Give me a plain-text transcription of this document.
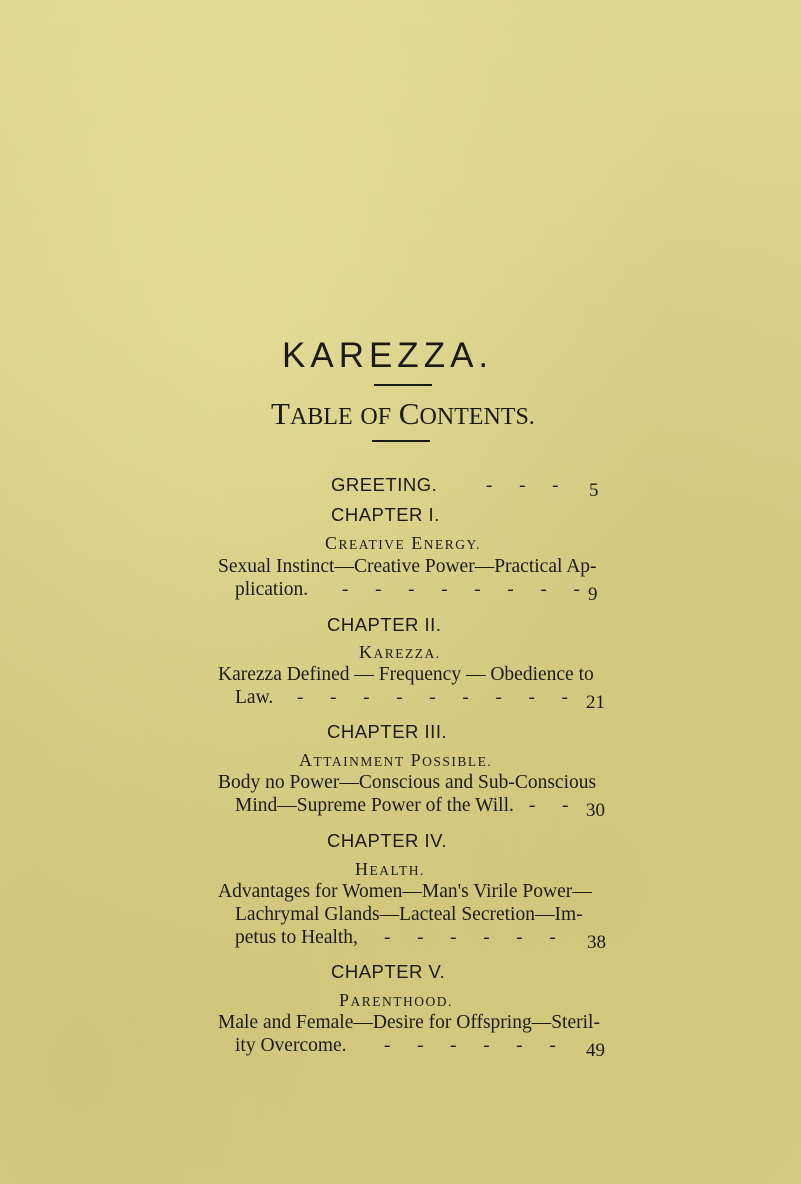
KAREZZA.
TABLE OF CONTENTS.
GREETING.	- - - 5
CHAPTER I.
CREATIVE ENERGY.
Sexual Instinct—Creative Power—Practical Ap-
plication. - - - - - - - -
9
CHAPTER II.
KAREZZA.
Karezza Defined — Frequency — Obedience to
Law. - - - - - - - - - 21
CHAPTER III.
ATTAINMENT POSSIBLE.
Body no Power—Conscious and Sub-Conscious
Mind—Supreme Power of the Will. - - 30
CHAPTER IV.
HEALTH.
Advantages for Women—Man's Virile Power—
Lachrymal Glands—Lacteal Secretion—Im-
petus to Health, - - - - - - 38
CHAPTER V.
PARENTHOOD.
Male and Female—Desire for Offspring—Steril-
ity Overcome. - - - - - - 49
